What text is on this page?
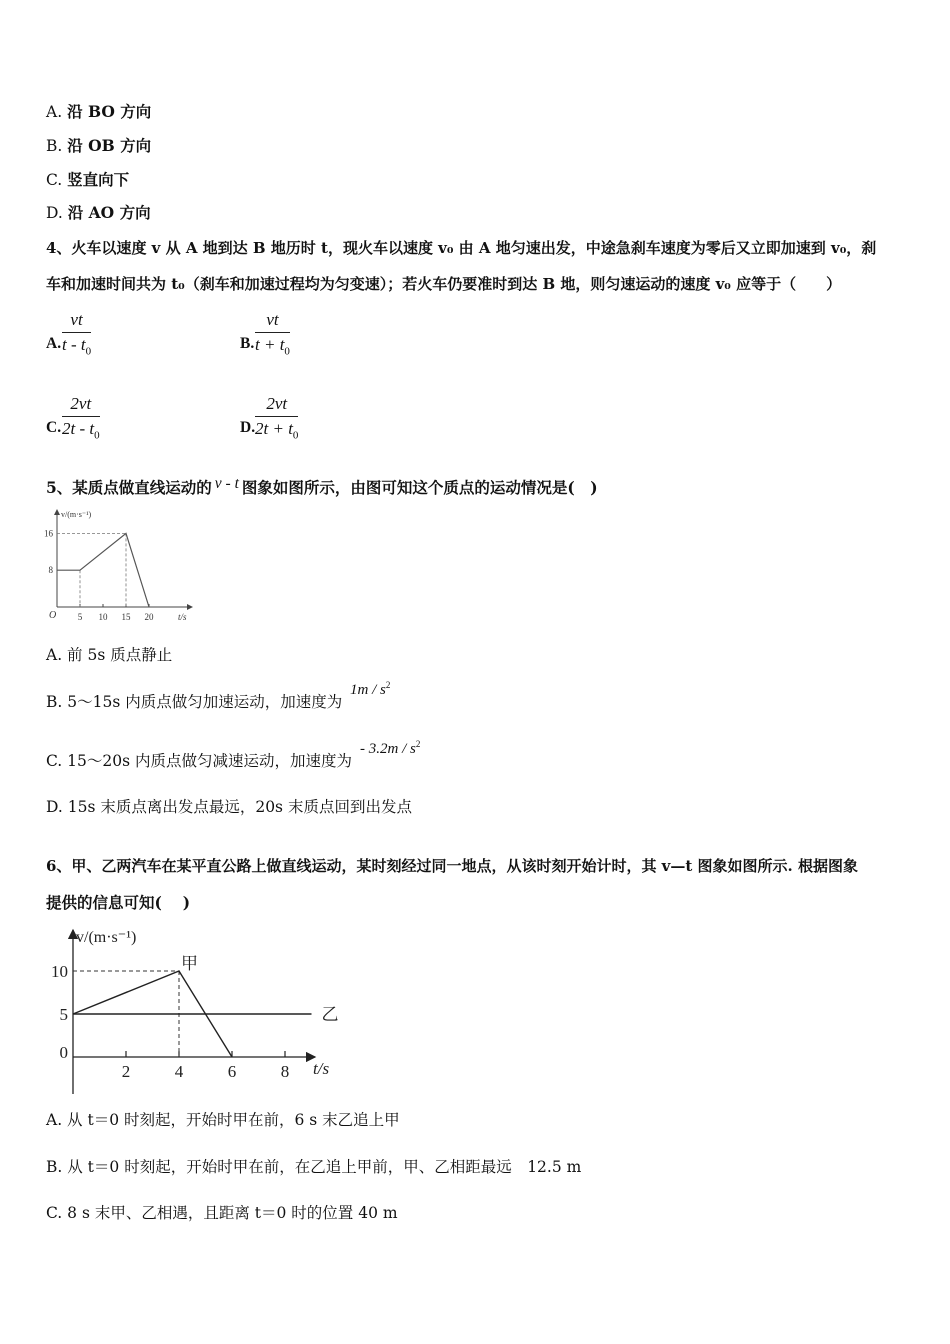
A. 沿 BO 方向
B. 沿 OB 方向
C. 竖直向下
D. 沿 AO 方向
4、火车以速度 v 从 A 地到达 B 地历时 t，现火车以速度 v₀ 由 A 地匀速出发，中途急刹车速度为零后又立即加速到 v₀，刹
车和加速时间共为 t₀（刹车和加速过程均为匀变速）；若火车仍要准时到达 B 地，则匀速运动的速度 v₀ 应等于（　　）
A. $\frac{vt}{t - t_0}$	B. $\frac{vt}{t + t_0}$
C. $\frac{2vt}{2t - t_0}$	D. $\frac{2vt}{2t + t_0}$
5、某质点做直线运动的 v - t 图象如图所示，由图可知这个质点的运动情况是(　)
v/(m·s⁻¹)
t/s
O 5 10 15 20
8
16
A. 前 5s 质点静止
B. 5～15s 内质点做匀加速运动，加速度为
$1m / s^2$
C. 15～20s 内质点做匀减速运动，加速度为
- $3.2m / s^2$
D. 15s 末质点离出发点最远，20s 末质点回到出发点
6、甲、乙两汽车在某平直公路上做直线运动，某时刻经过同一地点，从该时刻开始计时，其 v—t 图象如图所示. 根据图象
提供的信息可知(　 )
v/(m·s⁻¹)
t/s
2	4	6	8
0
5
10	甲
乙
A. 从 t＝0 时刻起，开始时甲在前，6 s 末乙追上甲
B. 从 t＝0 时刻起，开始时甲在前，在乙追上甲前，甲、乙相距最远　12.5 m
C. 8 s 末甲、乙相遇，且距离 t＝0 时的位置 40 m
